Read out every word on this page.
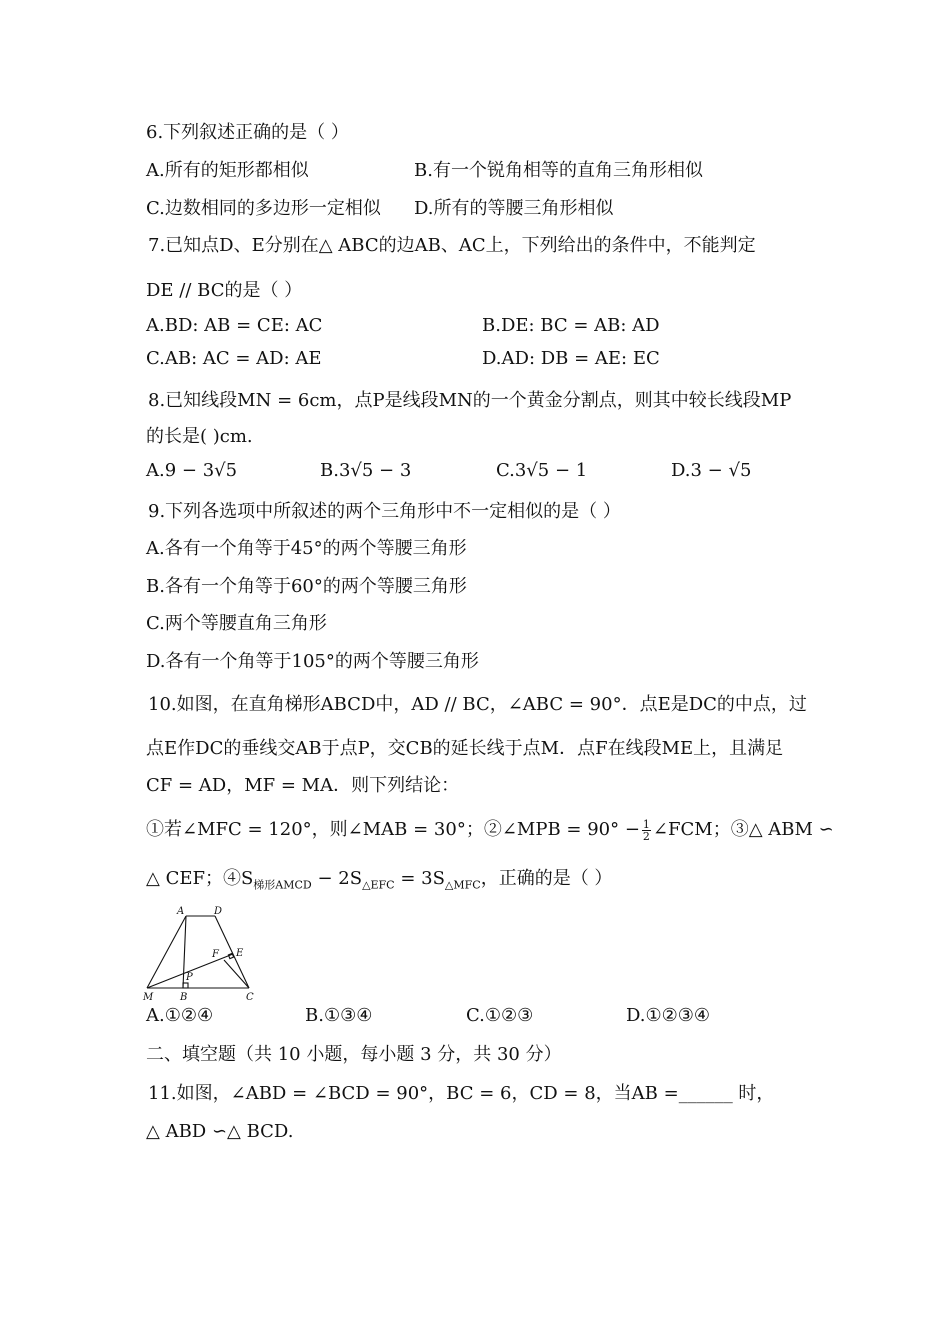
6.下列叙述正确的是（ ）
A.所有的矩形都相似	B.有一个锐角相等的直角三角形相似
C.边数相同的多边形一定相似 D.所有的等腰三角形相似
7.已知点D、E分别在△ ABC的边AB、AC上，下列给出的条件中，不能判定
DE // BC的是（ ）
A.BD: AB = CE: AC	B.DE: BC = AB: AD
C.AB: AC = AD: AE	D.AD: DB = AE: EC
8.已知线段MN = 6cm，点P是线段MN的一个黄金分割点，则其中较长线段MP
的长是( )cm.
A.9 − 3√5	B.3√5 − 3	C.3√5 − 1	D.3 − √5
9.下列各选项中所叙述的两个三角形中不一定相似的是（ ）
A.各有一个角等于45°的两个等腰三角形
B.各有一个角等于60°的两个等腰三角形
C.两个等腰直角三角形
D.各有一个角等于105°的两个等腰三角形
10.如图，在直角梯形ABCD中，AD // BC，∠ABC = 90°．点E是DC的中点，过
点E作DC的垂线交AB于点P，交CB的延长线于点M．点F在线段ME上，且满足
CF = AD，MF = MA．则下列结论：
①若∠MFC = 120°，则∠MAB = 30°；②∠MPB = $90^\circ - \frac{1}{2}$ ∠FCM；③△ ABM ∽
△ CEF；$④S_{梯形AMCD} - 2S_{\triangle EFC} = 3S_{\triangle MFC}$，正确的是（ ）
A	D
F E
P
M	B	C
A.①②④	B.①③④	C.①②③	D.①②③④
二、填空题（共 10 小题，每小题 3 分，共 30 分）
11.如图，∠ABD = ∠BCD = 90°，BC = 6，CD = 8，当AB =______ 时，
△ ABD ∽△ BCD.
